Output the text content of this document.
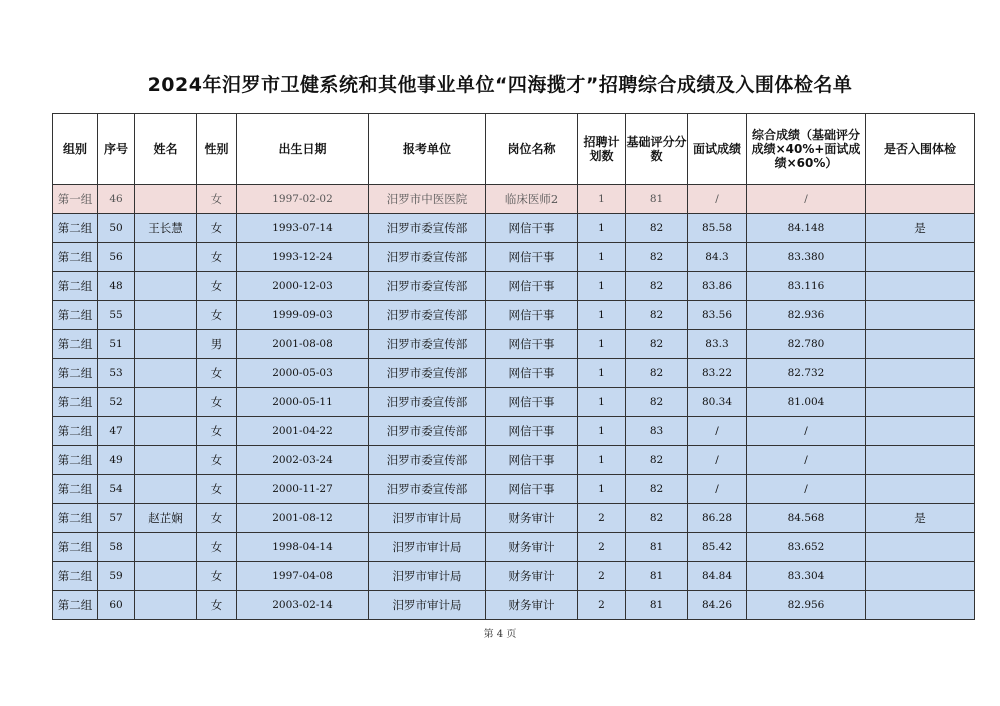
2024年汨罗市卫健系统和其他事业单位“四海揽才”招聘综合成绩及入围体检名单
组别	序号	姓名	性别	出生日期	报考单位	岗位名称	招聘计划数	基础评分分数	面试成绩	综合成绩（基础评分成绩×40%+面试成绩×60%）	是否入围体检
第一组	46		女	1997-02-02	汨罗市中医医院	临床医师2	1	81	/	/	
第二组	50	王长慧	女	1993-07-14	汨罗市委宣传部	网信干事	1	82	85.58	84.148	是
第二组	56		女	1993-12-24	汨罗市委宣传部	网信干事	1	82	84.3	83.380	
第二组	48		女	2000-12-03	汨罗市委宣传部	网信干事	1	82	83.86	83.116	
第二组	55		女	1999-09-03	汨罗市委宣传部	网信干事	1	82	83.56	82.936	
第二组	51		男	2001-08-08	汨罗市委宣传部	网信干事	1	82	83.3	82.780	
第二组	53		女	2000-05-03	汨罗市委宣传部	网信干事	1	82	83.22	82.732	
第二组	52		女	2000-05-11	汨罗市委宣传部	网信干事	1	82	80.34	81.004	
第二组	47		女	2001-04-22	汨罗市委宣传部	网信干事	1	83	/	/	
第二组	49		女	2002-03-24	汨罗市委宣传部	网信干事	1	82	/	/	
第二组	54		女	2000-11-27	汨罗市委宣传部	网信干事	1	82	/	/	
第二组	57	赵芷娴	女	2001-08-12	汨罗市审计局	财务审计	2	82	86.28	84.568	是
第二组	58		女	1998-04-14	汨罗市审计局	财务审计	2	81	85.42	83.652	
第二组	59		女	1997-04-08	汨罗市审计局	财务审计	2	81	84.84	83.304	
第二组	60		女	2003-02-14	汨罗市审计局	财务审计	2	81	84.26	82.956	
第 4 页
